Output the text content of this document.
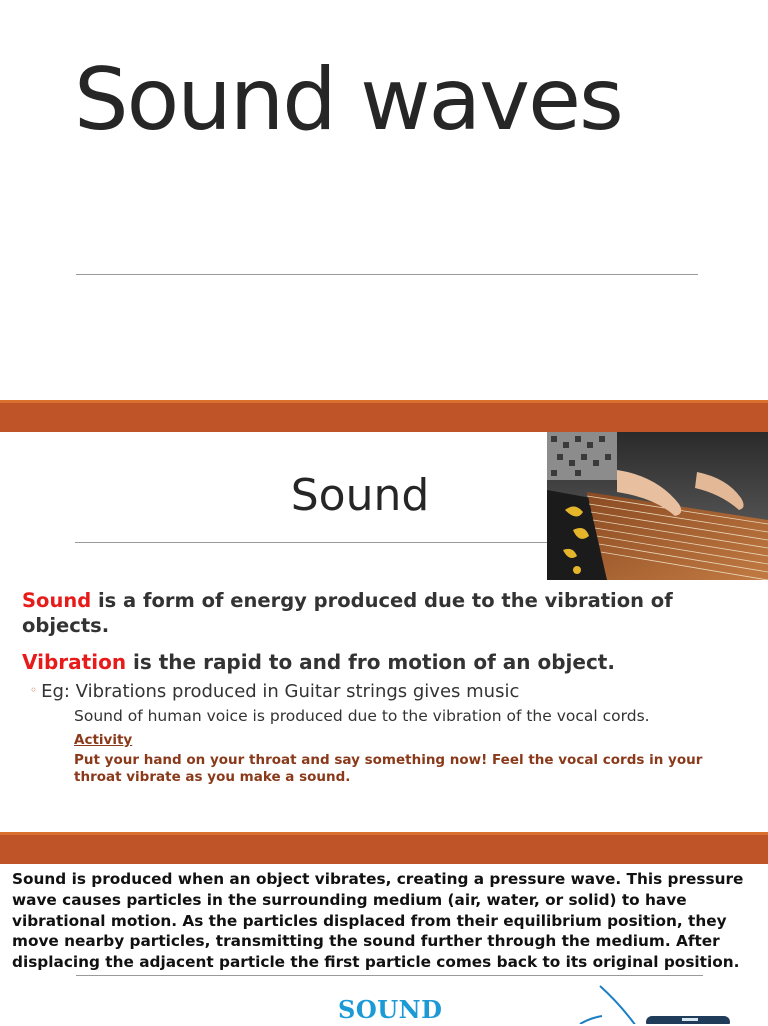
Sound waves
Sound
Sound is a form of energy produced due to the vibration of objects.
Vibration is the rapid to and fro motion of an object.
◦ Eg: Vibrations produced in Guitar strings gives music
Sound of human voice is produced due to the vibration of the vocal cords.
Activity
Put your hand on your throat and say something now! Feel the vocal cords in your throat vibrate as you make a sound.
Sound is produced when an object vibrates, creating a pressure wave. This pressure wave causes particles in the surrounding medium (air, water, or solid) to have vibrational motion. As the particles displaced from their equilibrium position, they move nearby particles, transmitting the sound further through the medium. After displacing the adjacent particle the first particle comes back to its original position.
SOUND
